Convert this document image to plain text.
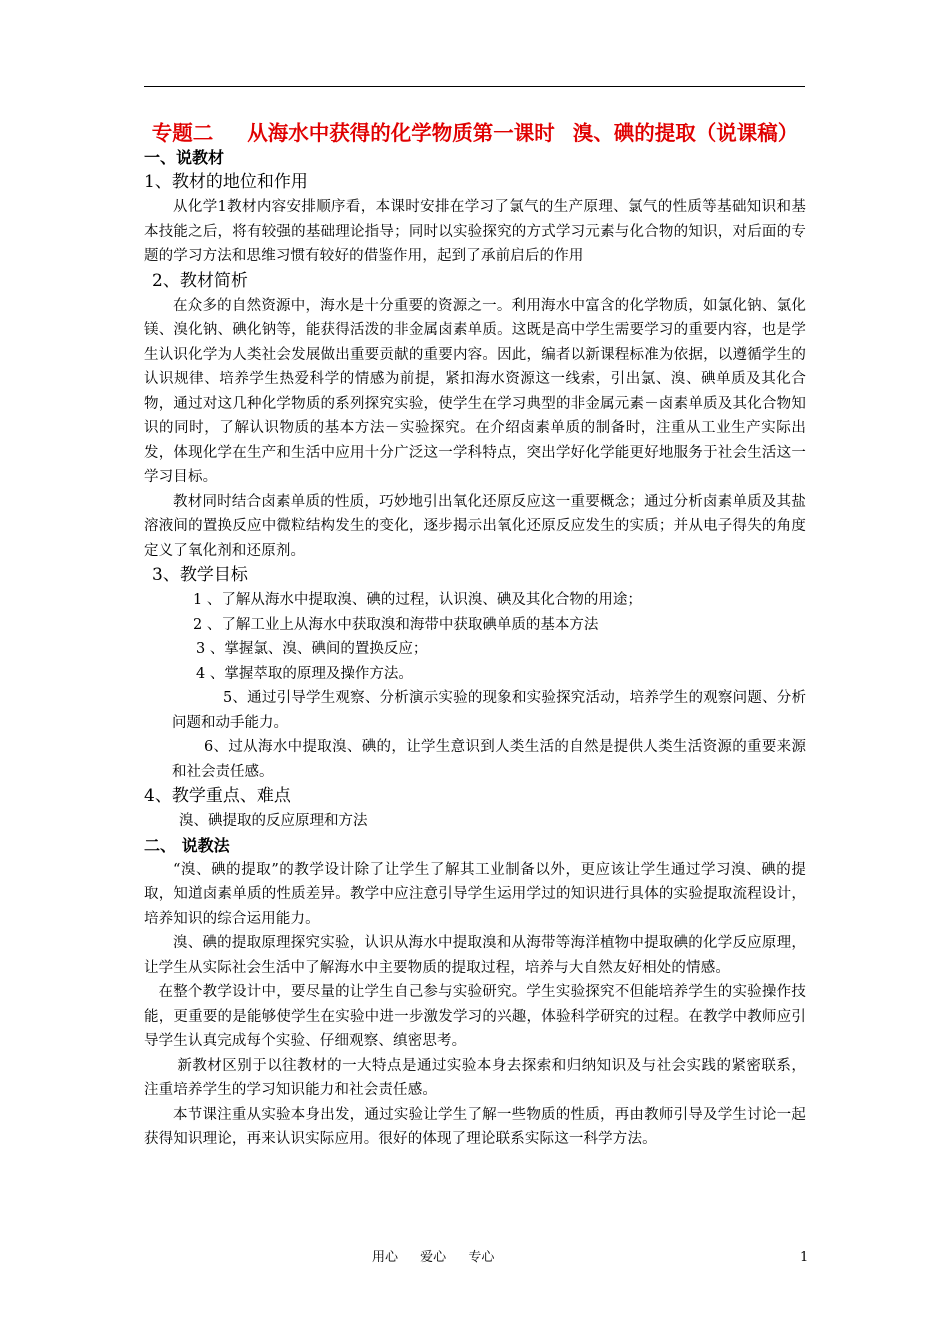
专题二 从海水中获得的化学物质第一课时 溴、碘的提取（说课稿）

一、说教材

1、教材的地位和作用

从化学1教材内容安排顺序看，本课时安排在学习了氯气的生产原理、氯气的性质等基础知识和基本技能之后，将有较强的基础理论指导；同时以实验探究的方式学习元素与化合物的知识，对后面的专题的学习方法和思维习惯有较好的借鉴作用，起到了承前启后的作用

2、教材简析

在众多的自然资源中，海水是十分重要的资源之一。利用海水中富含的化学物质，如氯化钠、氯化镁、溴化钠、碘化钠等，能获得活泼的非金属卤素单质。这既是高中学生需要学习的重要内容，也是学生认识化学为人类社会发展做出重要贡献的重要内容。因此，编者以新课程标准为依据，以遵循学生的认识规律、培养学生热爱科学的情感为前提，紧扣海水资源这一线索，引出氯、溴、碘单质及其化合物，通过对这几种化学物质的系列探究实验，使学生在学习典型的非金属元素－卤素单质及其化合物知识的同时，了解认识物质的基本方法－实验探究。在介绍卤素单质的制备时，注重从工业生产实际出发，体现化学在生产和生活中应用十分广泛这一学科特点，突出学好化学能更好地服务于社会生活这一学习目标。

教材同时结合卤素单质的性质，巧妙地引出氧化还原反应这一重要概念；通过分析卤素单质及其盐溶液间的置换反应中微粒结构发生的变化，逐步揭示出氧化还原反应发生的实质；并从电子得失的角度定义了氧化剂和还原剂。

3、教学目标

1 、了解从海水中提取溴、碘的过程，认识溴、碘及其化合物的用途；

2 、了解工业上从海水中获取溴和海带中获取碘单质的基本方法

3 、掌握氯、溴、碘间的置换反应；

4 、掌握萃取的原理及操作方法。

5、通过引导学生观察、分析演示实验的现象和实验探究活动，培养学生的观察问题、分析问题和动手能力。

6、过从海水中提取溴、碘的，让学生意识到人类生活的自然是提供人类生活资源的重要来源和社会责任感。

4、教学重点、难点

溴、碘提取的反应原理和方法

二、 说教法

“溴、碘的提取”的教学设计除了让学生了解其工业制备以外，更应该让学生通过学习溴、碘的提取，知道卤素单质的性质差异。教学中应注意引导学生运用学过的知识进行具体的实验提取流程设计，培养知识的综合运用能力。

溴、碘的提取原理探究实验，认识从海水中提取溴和从海带等海洋植物中提取碘的化学反应原理，让学生从实际社会生活中了解海水中主要物质的提取过程，培养与大自然友好相处的情感。

在整个教学设计中，要尽量的让学生自己参与实验研究。学生实验探究不但能培养学生的实验操作技能，更重要的是能够使学生在实验中进一步激发学习的兴趣，体验科学研究的过程。在教学中教师应引导学生认真完成每个实验、仔细观察、缜密思考。

新教材区别于以往教材的一大特点是通过实验本身去探索和归纳知识及与社会实践的紧密联系，注重培养学生的学习知识能力和社会责任感。

本节课注重从实验本身出发，通过实验让学生了解一些物质的性质，再由教师引导及学生讨论一起获得知识理论，再来认识实际应用。很好的体现了理论联系实际这一科学方法。

用心 爱心 专心	1
